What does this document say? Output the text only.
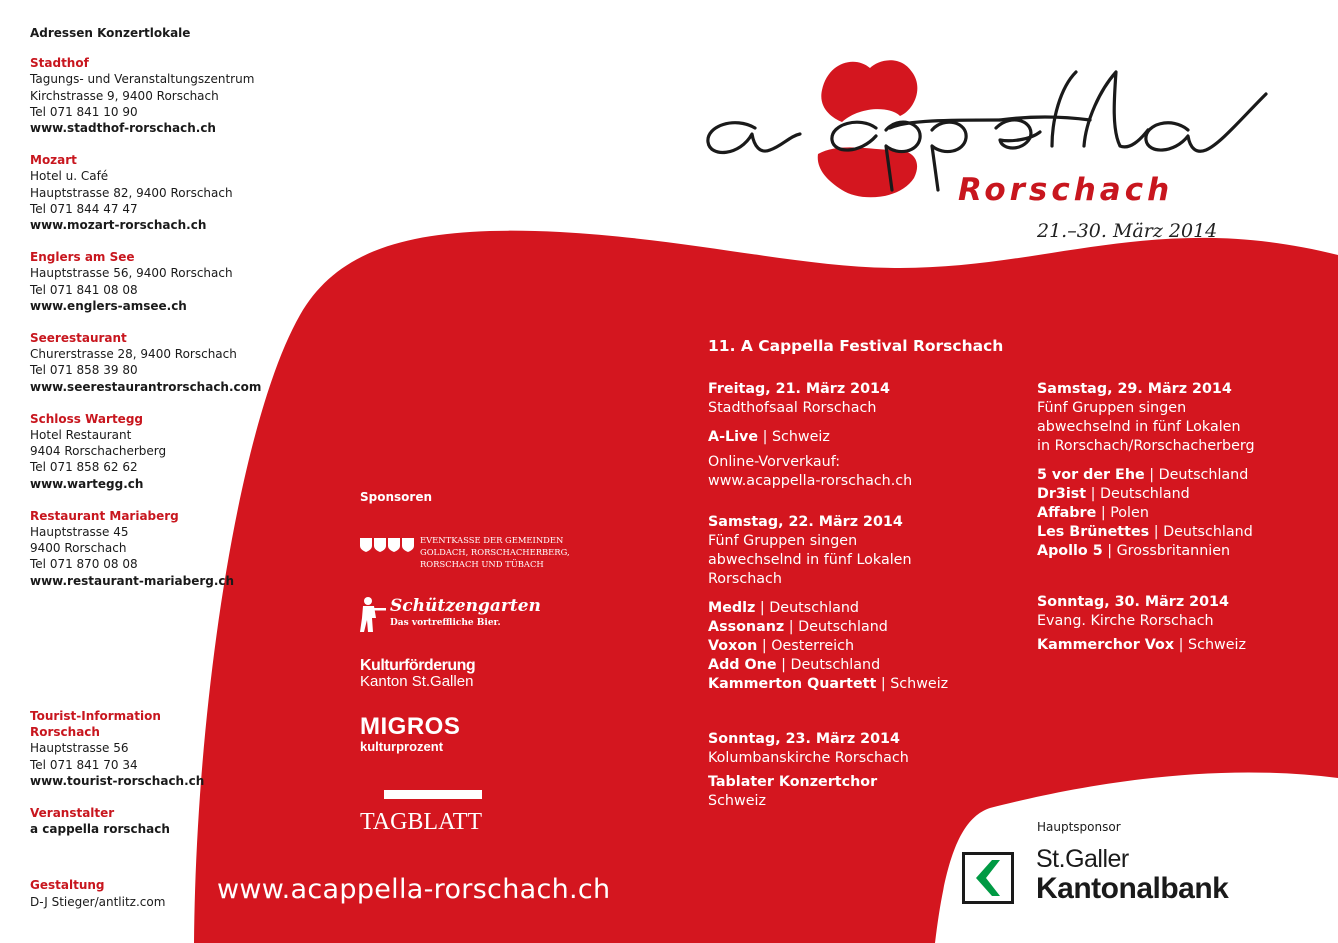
Adressen Konzertlokale
Stadthof
Tagungs- und Veranstaltungszentrum
Kirchstrasse 9, 9400 Rorschach
Tel 071 841 10 90
www.stadthof-rorschach.ch
Mozart
Hotel u. Café
Hauptstrasse 82, 9400 Rorschach
Tel 071 844 47 47
www.mozart-rorschach.ch
Englers am See
Hauptstrasse 56, 9400 Rorschach
Tel 071 841 08 08
www.englers-amsee.ch
Seerestaurant
Churerstrasse 28, 9400 Rorschach
Tel 071 858 39 80
www.seerestaurantrorschach.com
Schloss Wartegg
Hotel Restaurant
9404 Rorschacherberg
Tel 071 858 62 62
www.wartegg.ch
Restaurant Mariaberg
Hauptstrasse 45
9400 Rorschach
Tel 071 870 08 08
www.restaurant-mariaberg.ch
Tourist-Information
Rorschach
Hauptstrasse 56
Tel 071 841 70 34
www.tourist-rorschach.ch
Veranstalter
a cappella rorschach
Gestaltung
D-J Stieger/antlitz.com
Rorschach
21.–30. März 2014
Sponsoren
EVENTKASSE DER GEMEINDEN
GOLDACH, RORSCHACHERBERG,
RORSCHACH UND TÜBACH
Schützengarten
Das vortreffliche Bier.
Kulturförderung
Kanton St.Gallen
MIGROS
kulturprozent
TAGBLATT
www.acappella-rorschach.ch
11. A Cappella Festival Rorschach
Freitag, 21. März 2014
Stadthofsaal Rorschach
A-Live | Schweiz
Online-Vorverkauf:
www.acappella-rorschach.ch
Samstag, 22. März 2014
Fünf Gruppen singen
abwechselnd in fünf Lokalen
Rorschach
Medlz | Deutschland
Assonanz | Deutschland
Voxon | Oesterreich
Add One | Deutschland
Kammerton Quartett | Schweiz
Sonntag, 23. März 2014
Kolumbanskirche Rorschach
Tablater Konzertchor
Schweiz
Samstag, 29. März 2014
Fünf Gruppen singen
abwechselnd in fünf Lokalen
in Rorschach/Rorschacherberg
5 vor der Ehe | Deutschland
Dr3ist | Deutschland
Affabre | Polen
Les Brünettes | Deutschland
Apollo 5 | Grossbritannien
Sonntag, 30. März 2014
Evang. Kirche Rorschach
Kammerchor Vox | Schweiz
Hauptsponsor
St.Galler
Kantonalbank
